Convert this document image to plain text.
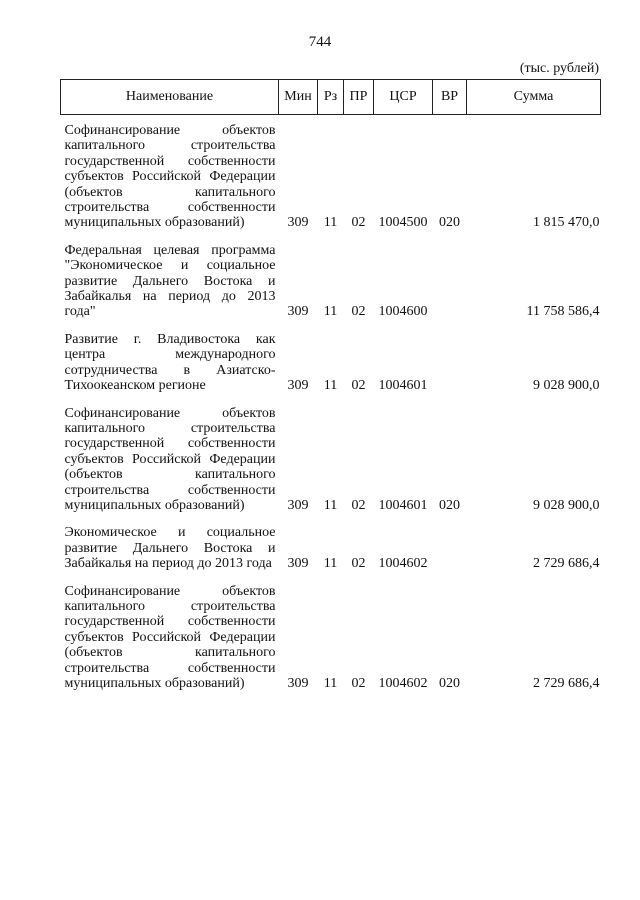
744
(тыс. рублей)
Наименование	Мин	Рз	ПР	ЦСР	ВР	Сумма
Софинансирование объектов капитального строительства государственной собственности субъектов Российской Федерации (объектов капитального строительства собственности муниципальных образований)	309	11	02	1004500	020	1 815 470,0
Федеральная целевая программа "Экономическое и социальное развитие Дальнего Востока и Забайкалья на период до 2013 года"	309	11	02	1004600		11 758 586,4
Развитие г. Владивостока как центра международного сотрудничества в Азиатско-Тихоокеанском регионе	309	11	02	1004601		9 028 900,0
Софинансирование объектов капитального строительства государственной собственности субъектов Российской Федерации (объектов капитального строительства собственности муниципальных образований)	309	11	02	1004601	020	9 028 900,0
Экономическое и социальное развитие Дальнего Востока и Забайкалья на период до 2013 года	309	11	02	1004602		2 729 686,4
Софинансирование объектов капитального строительства государственной собственности субъектов Российской Федерации (объектов капитального строительства собственности муниципальных образований)	309	11	02	1004602	020	2 729 686,4
